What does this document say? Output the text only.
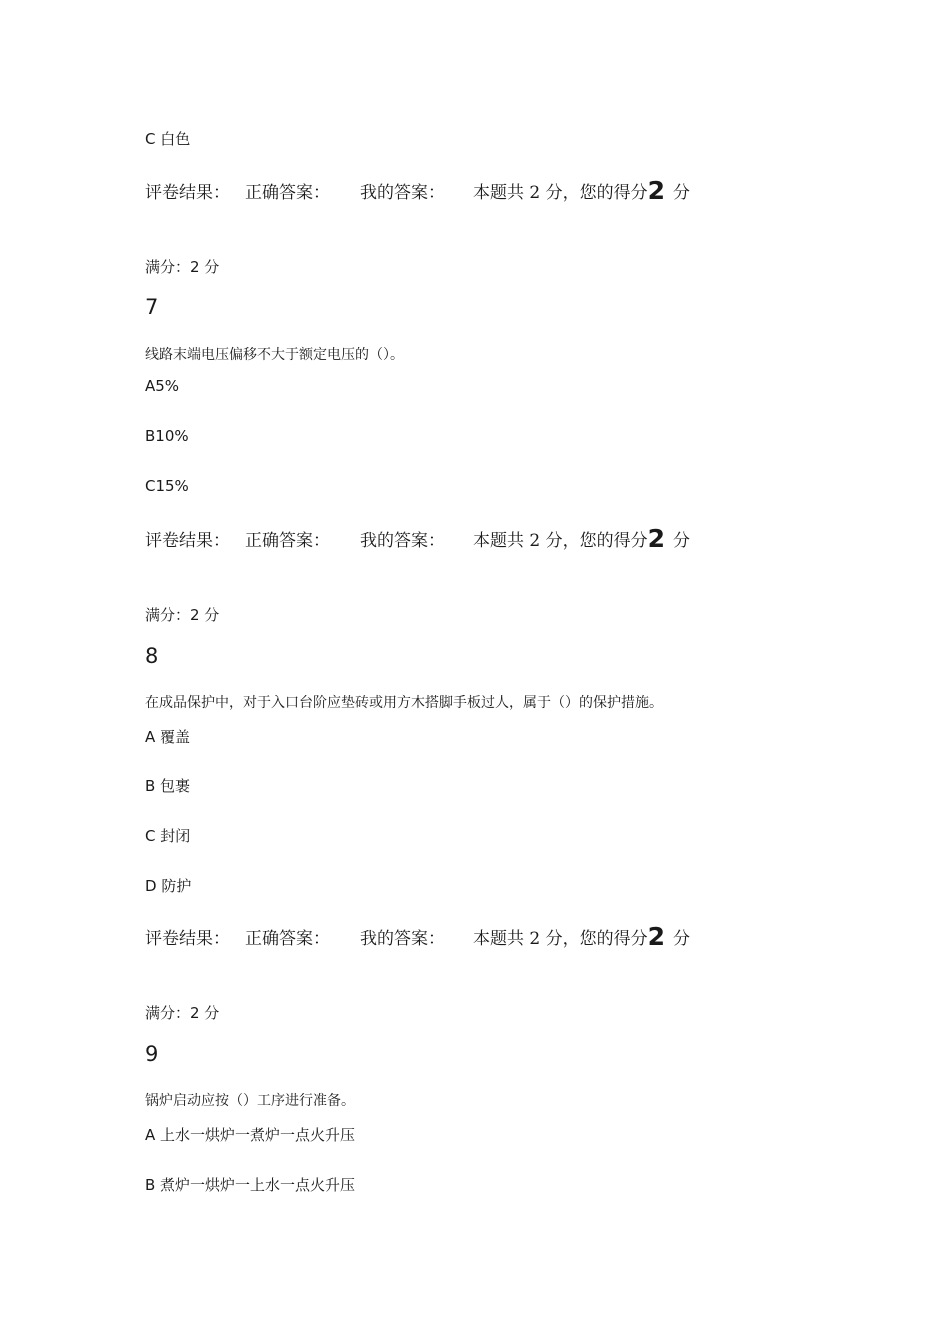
C 白色
评卷结果： 正确答案： 我的答案： 本题共 2 分，您的得分2 分
满分：2 分
7
线路末端电压偏移不大于额定电压的（）。
A5%
B10%
C15%
评卷结果： 正确答案： 我的答案： 本题共 2 分，您的得分2 分
满分：2 分
8
在成品保护中，对于入口台阶应垫砖或用方木搭脚手板过人，属于（）的保护措施。
A 覆盖
B 包裹
C 封闭
D 防护
评卷结果： 正确答案： 我的答案： 本题共 2 分，您的得分2 分
满分：2 分
9
锅炉启动应按（）工序进行准备。
A 上水一烘炉一煮炉一点火升压
B 煮炉一烘炉一上水一点火升压
